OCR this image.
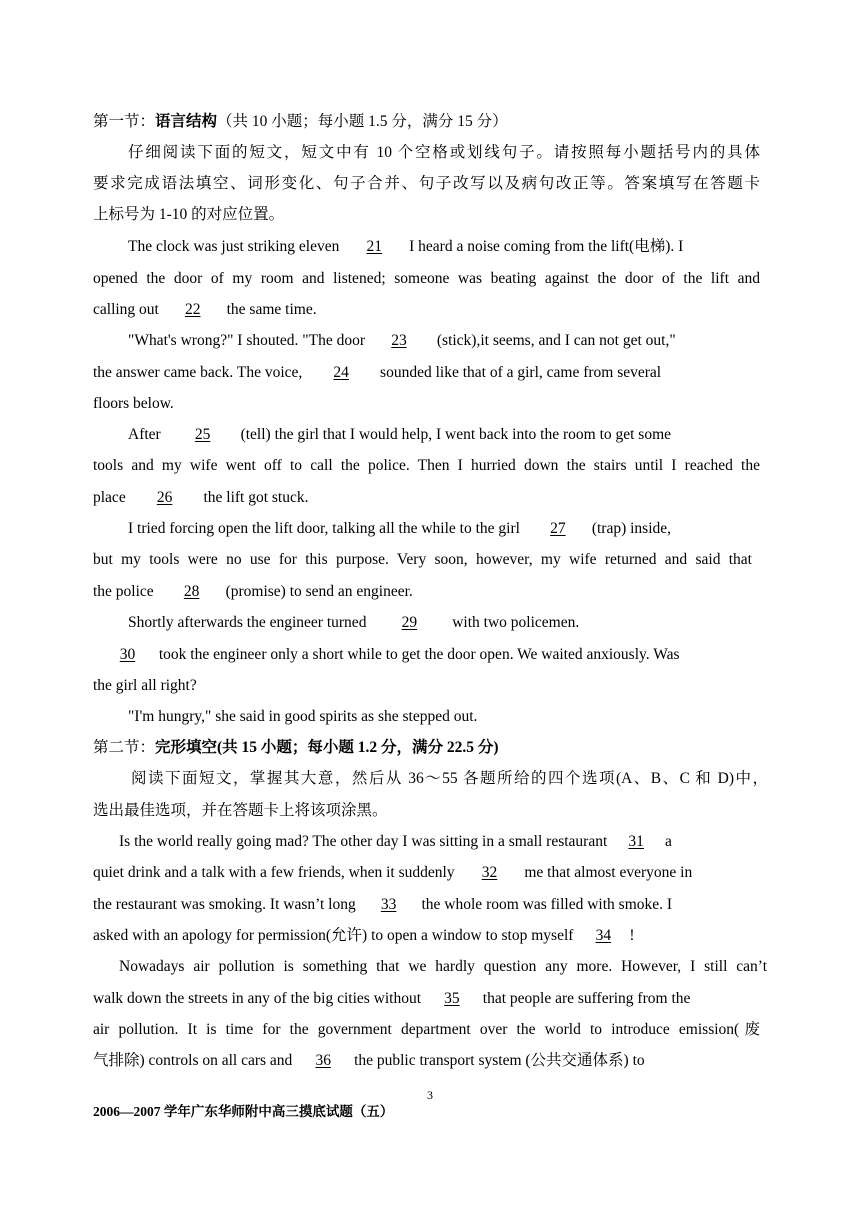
第一节：语言结构（共 10 小题；每小题 1.5 分，满分 15 分）
仔细阅读下面的短文，短文中有 10 个空格或划线句子。请按照每小题括号内的具体
要求完成语法填空、词形变化、句子合并、句子改写以及病句改正等。答案填写在答题卡
上标号为 1-10 的对应位置。
The clock was just striking eleven 21 I heard a noise coming from the lift(电梯). I
opened the door of my room and listened; someone was beating against the door of the lift and
calling out 22 the same time.
"What's wrong?" I shouted. "The door 23 (stick),it seems, and I can not get out,"
the answer came back. The voice, 24 sounded like that of a girl, came from several
floors below.
After 25 (tell) the girl that I would help, I went back into the room to get some
tools and my wife went off to call the police. Then I hurried down the stairs until I reached the
place 26 the lift got stuck.
I tried forcing open the lift door, talking all the while to the girl 27 (trap) inside,
but my tools were no use for this purpose. Very soon, however, my wife returned and said that
the police 28 (promise) to send an engineer.
Shortly afterwards the engineer turned 29 with two policemen.
30 took the engineer only a short while to get the door open. We waited anxiously. Was
the girl all right?
"I'm hungry," she said in good spirits as she stepped out.
第二节：完形填空(共 15 小题；每小题 1.2 分，满分 22.5 分)
阅读下面短文，掌握其大意，然后从 36～55 各题所给的四个选项(A、B、C 和 D)中，
选出最佳选项，并在答题卡上将该项涂黑。
Is the world really going mad? The other day I was sitting in a small restaurant 31 a
quiet drink and a talk with a few friends, when it suddenly 32 me that almost everyone in
the restaurant was smoking. It wasn’t long 33 the whole room was filled with smoke. I
asked with an apology for permission(允许) to open a window to stop myself 34 !
Nowadays air pollution is something that we hardly question any more. However, I still can’t
walk down the streets in any of the big cities without 35 that people are suffering from the
air pollution. It is time for the government department over the world to introduce emission(废
气排除) controls on all cars and 36 the public transport system (公共交通体系) to
2006—2007 学年广东华师附中高三摸底试题（五）
3
